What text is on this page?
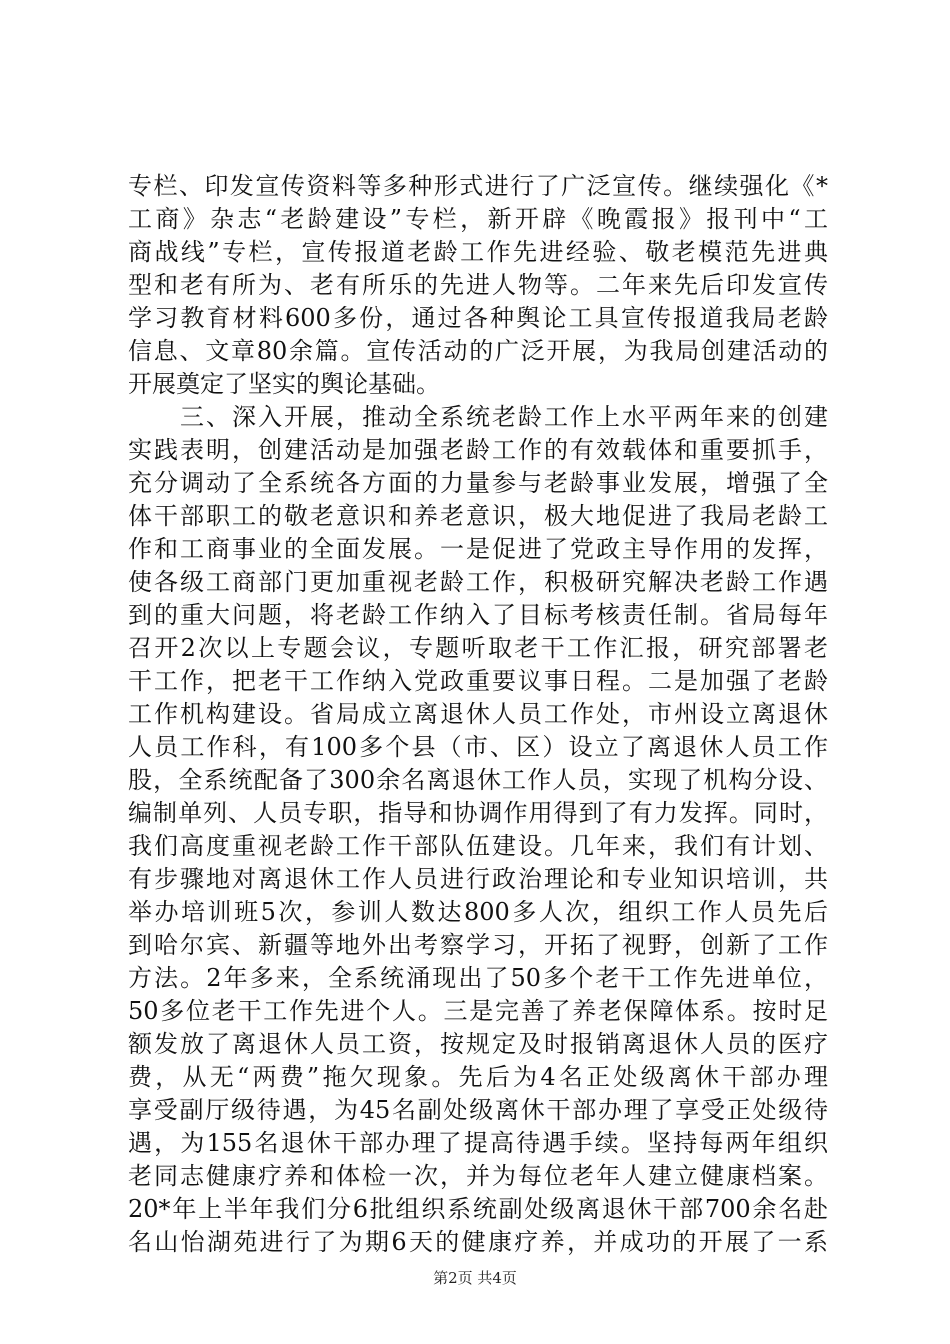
专栏、印发宣传资料等多种形式进行了广泛宣传。继续强化《*
工商》杂志“老龄建设”专栏，新开辟《晚霞报》报刊中“工
商战线”专栏，宣传报道老龄工作先进经验、敬老模范先进典
型和老有所为、老有所乐的先进人物等。二年来先后印发宣传
学习教育材料600多份，通过各种舆论工具宣传报道我局老龄
信息、文章80余篇。宣传活动的广泛开展，为我局创建活动的
开展奠定了坚实的舆论基础。
　　三、深入开展，推动全系统老龄工作上水平两年来的创建
实践表明，创建活动是加强老龄工作的有效载体和重要抓手，
充分调动了全系统各方面的力量参与老龄事业发展，增强了全
体干部职工的敬老意识和养老意识，极大地促进了我局老龄工
作和工商事业的全面发展。一是促进了党政主导作用的发挥，
使各级工商部门更加重视老龄工作，积极研究解决老龄工作遇
到的重大问题，将老龄工作纳入了目标考核责任制。省局每年
召开2次以上专题会议，专题听取老干工作汇报，研究部署老
干工作，把老干工作纳入党政重要议事日程。二是加强了老龄
工作机构建设。省局成立离退休人员工作处，市州设立离退休
人员工作科，有100多个县（市、区）设立了离退休人员工作
股，全系统配备了300余名离退休工作人员，实现了机构分设、
编制单列、人员专职，指导和协调作用得到了有力发挥。同时，
我们高度重视老龄工作干部队伍建设。几年来，我们有计划、
有步骤地对离退休工作人员进行政治理论和专业知识培训，共
举办培训班5次，参训人数达800多人次，组织工作人员先后
到哈尔宾、新疆等地外出考察学习，开拓了视野，创新了工作
方法。2年多来，全系统涌现出了50多个老干工作先进单位，
50多位老干工作先进个人。三是完善了养老保障体系。按时足
额发放了离退休人员工资，按规定及时报销离退休人员的医疗
费，从无“两费”拖欠现象。先后为4名正处级离休干部办理
享受副厅级待遇，为45名副处级离休干部办理了享受正处级待
遇，为155名退休干部办理了提高待遇手续。坚持每两年组织
老同志健康疗养和体检一次，并为每位老年人建立健康档案。
20*年上半年我们分6批组织系统副处级离退休干部700余名赴
名山怡湖苑进行了为期6天的健康疗养，并成功的开展了一系
第2页 共4页
